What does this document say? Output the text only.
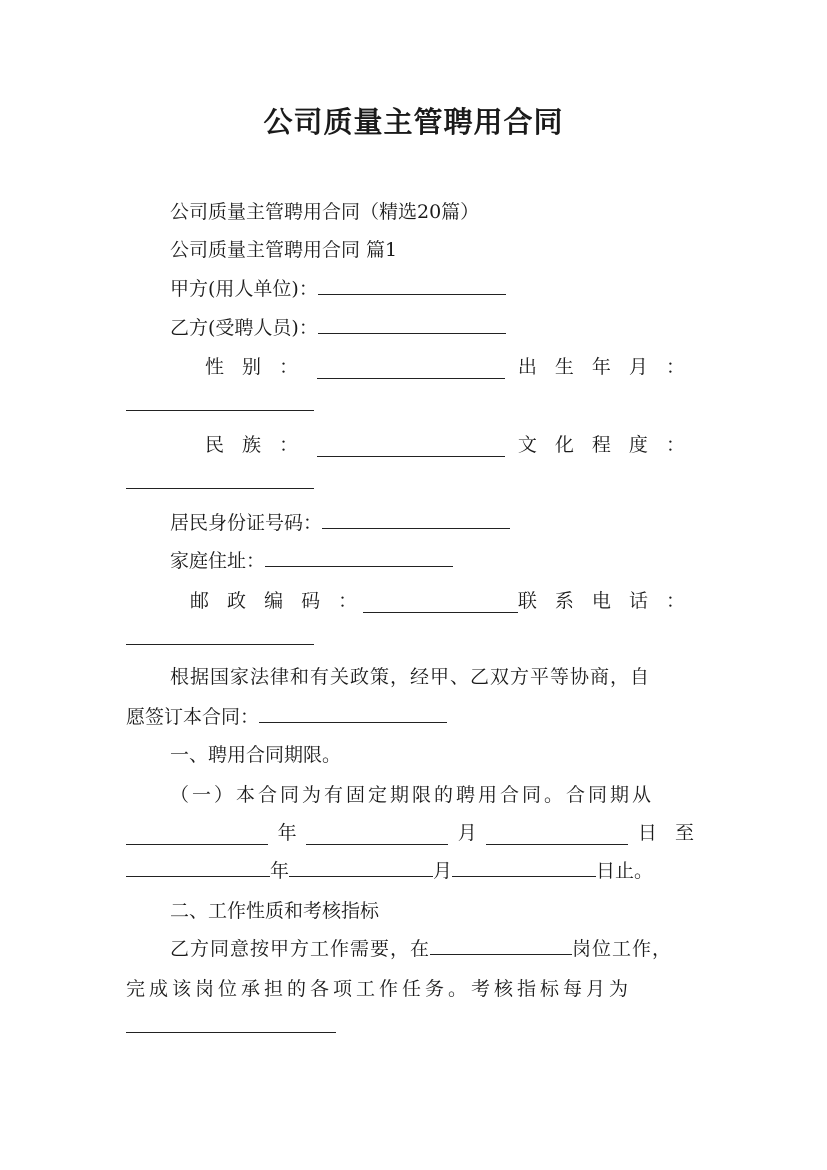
公司质量主管聘用合同
公司质量主管聘用合同（精选20篇）
公司质量主管聘用合同 篇1
甲方(用人单位)：
乙方(受聘人员)：
性 别 ：	出 生 年 月 ：
民 族 ：	文 化 程 度 ：
居民身份证号码：
家庭住址：
邮 政 编 码 ：	联 系 电 话 ：
根据国家法律和有关政策，经甲、乙双方平等协商，自
愿签订本合同：
一、聘用合同期限。
（一）本合同为有固定期限的聘用合同。合同期从
年	月	日 至
年	月	日止。
二、工作性质和考核指标
乙方同意按甲方工作需要，在	岗位工作，
完成该岗位承担的各项工作任务。考核指标每月为
